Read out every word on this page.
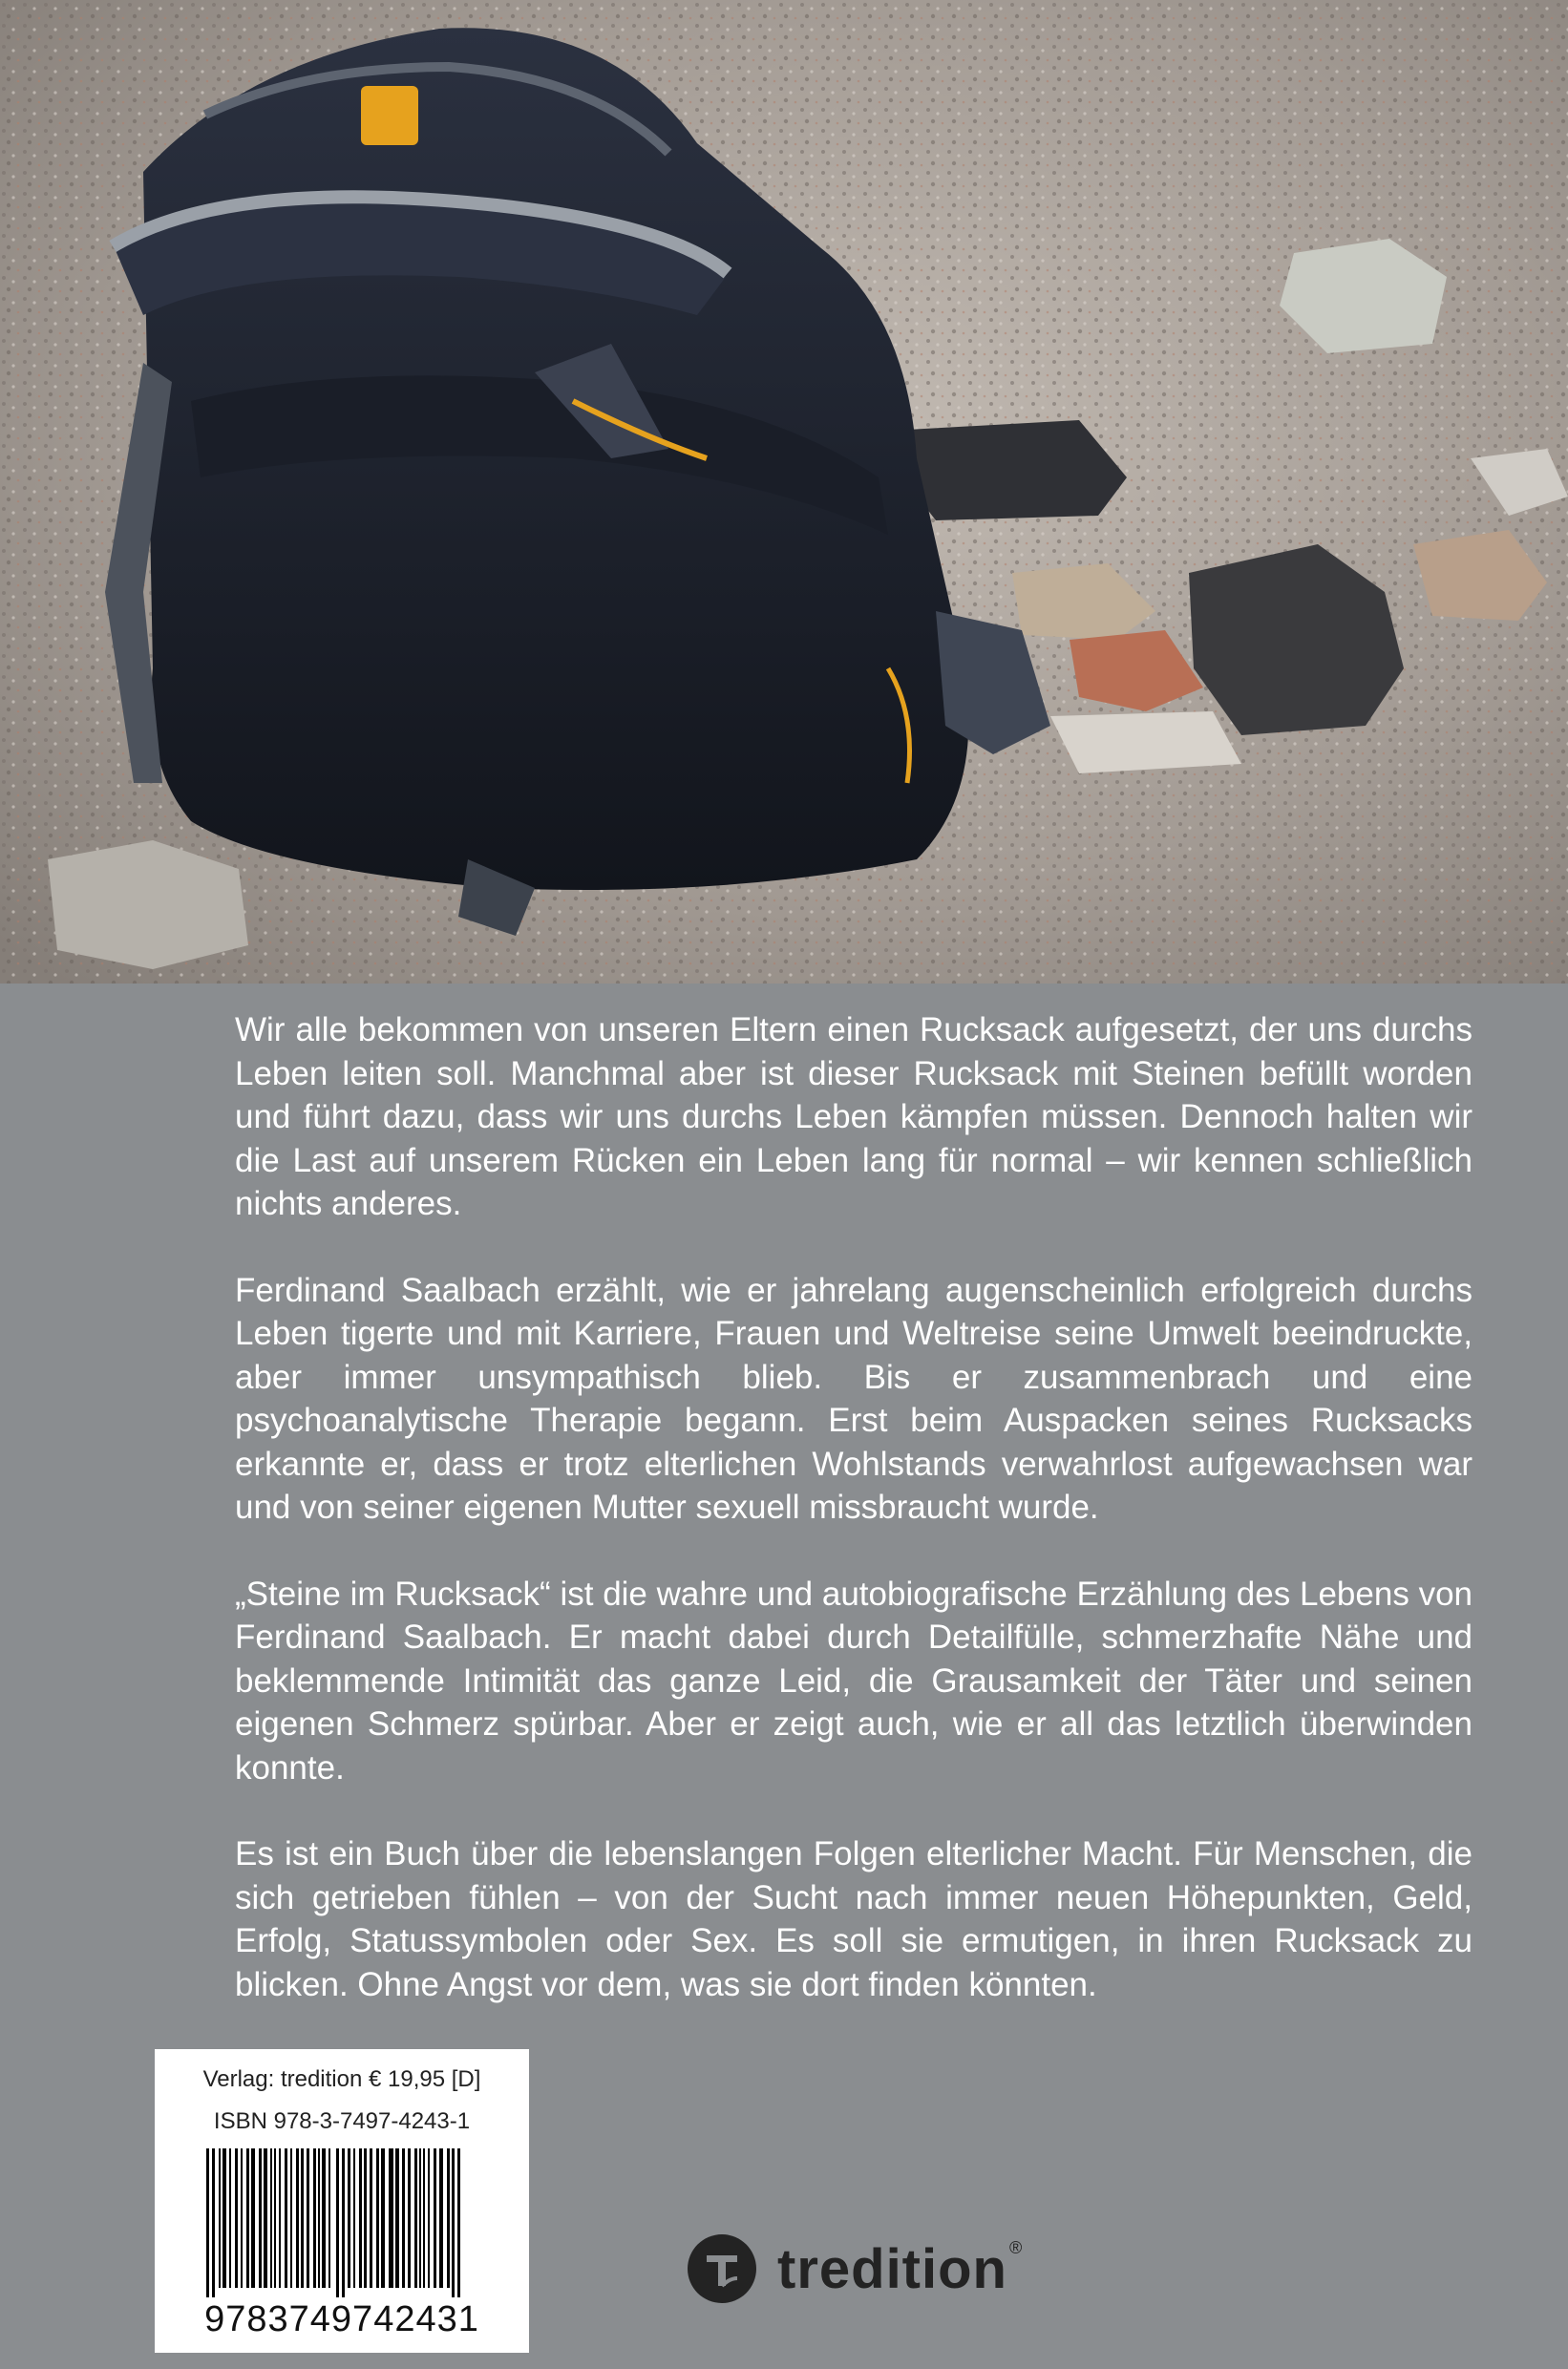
Wir alle bekommen von unseren Eltern einen Rucksack aufgesetzt, der uns durchs Leben leiten soll. Manchmal aber ist dieser Rucksack mit Steinen befüllt worden und führt dazu, dass wir uns durchs Leben kämpfen müssen. Dennoch halten wir die Last auf unserem Rücken ein Leben lang für normal – wir kennen schließlich nichts anderes.

Ferdinand Saalbach erzählt, wie er jahrelang augenscheinlich erfolgreich durchs Leben tigerte und mit Karriere, Frauen und Weltreise seine Umwelt beeindruckte, aber immer unsympathisch blieb. Bis er zusammenbrach und eine psychoanalytische Therapie begann. Erst beim Auspacken seines Rucksacks erkannte er, dass er trotz elterlichen Wohlstands verwahrlost aufgewachsen war und von seiner eigenen Mutter sexuell missbraucht wurde.

„Steine im Rucksack“ ist die wahre und autobiografische Erzählung des Lebens von Ferdinand Saalbach. Er macht dabei durch Detailfülle, schmerzhafte Nähe und beklemmende Intimität das ganze Leid, die Grausamkeit der Täter und seinen eigenen Schmerz spürbar. Aber er zeigt auch, wie er all das letztlich überwinden konnte.

Es ist ein Buch über die lebenslangen Folgen elterlicher Macht. Für Menschen, die sich getrieben fühlen – von der Sucht nach immer neuen Höhepunkten, Geld, Erfolg, Statussymbolen oder Sex. Es soll sie ermutigen, in ihren Rucksack zu blicken. Ohne Angst vor dem, was sie dort finden könnten.

Verlag: tredition € 19,95 [D]
ISBN 978-3-7497-4243-1
9783749742431
tredition ®
